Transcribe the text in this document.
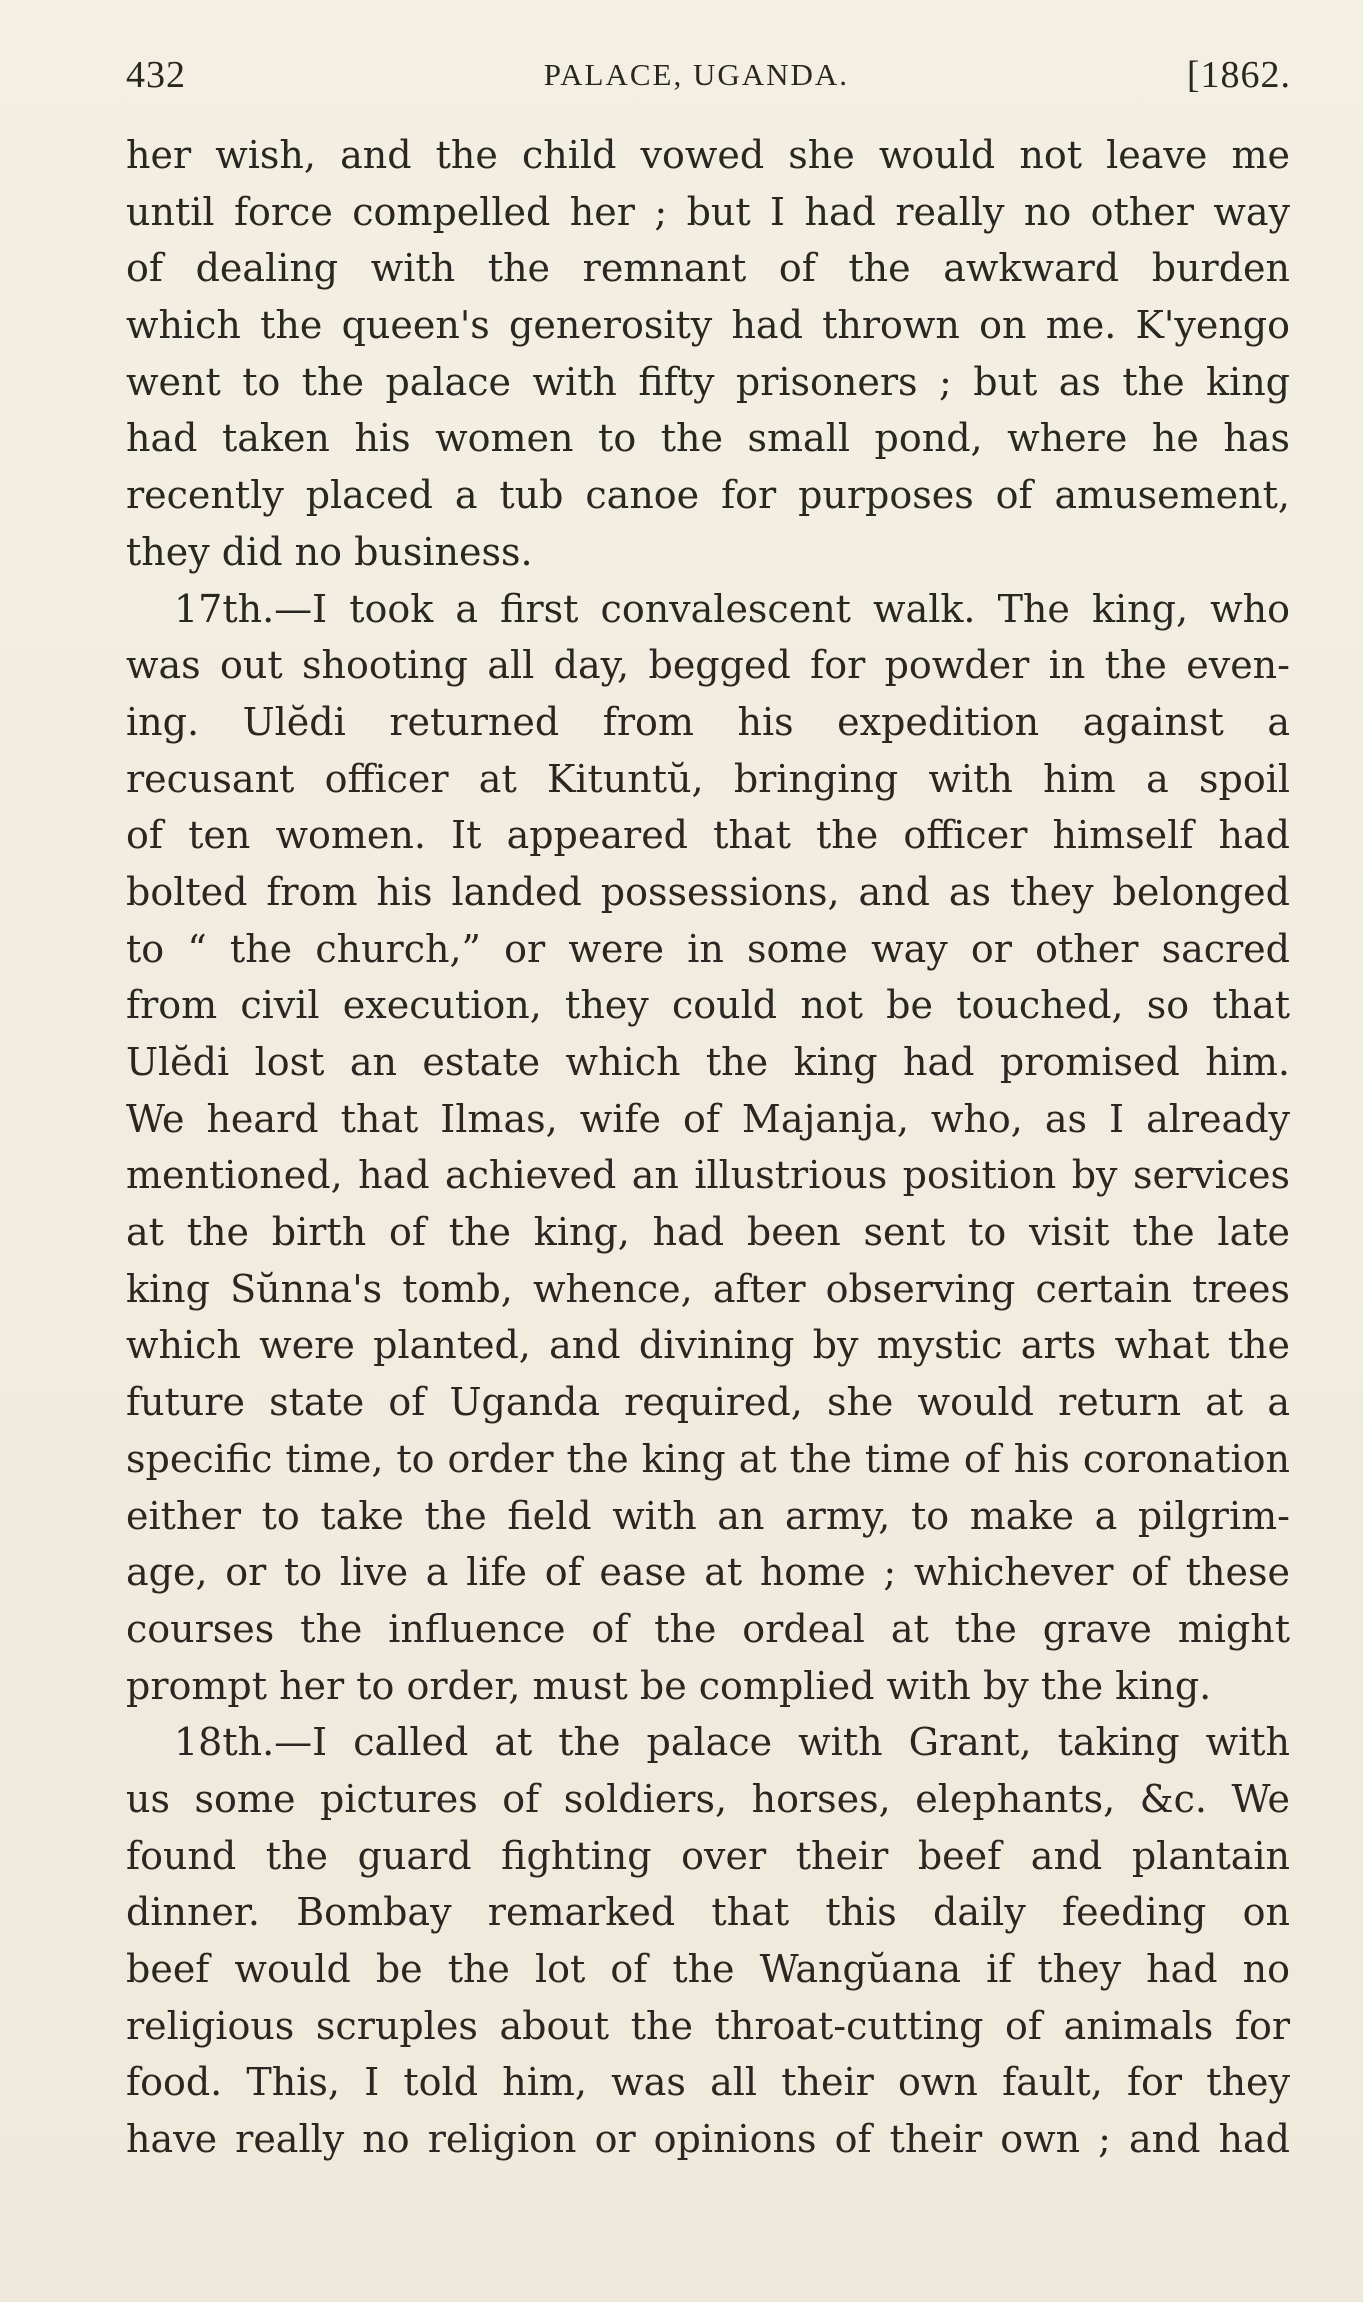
432	PALACE, UGANDA.	[1862.
her wish, and the child vowed she would not leave me
until force compelled her ; but I had really no other way
of dealing with the remnant of the awkward burden
which the queen's generosity had thrown on me. K'yengo
went to the palace with fifty prisoners ; but as the king
had taken his women to the small pond, where he has
recently placed a tub canoe for purposes of amusement,
they did no business.
17th.—I took a first convalescent walk. The king, who
was out shooting all day, begged for powder in the even-
ing. Ulĕdi returned from his expedition against a
recusant officer at Kituntŭ, bringing with him a spoil
of ten women. It appeared that the officer himself had
bolted from his landed possessions, and as they belonged
to “ the church,” or were in some way or other sacred
from civil execution, they could not be touched, so that
Ulĕdi lost an estate which the king had promised him.
We heard that Ilmas, wife of Majanja, who, as I already
mentioned, had achieved an illustrious position by services
at the birth of the king, had been sent to visit the late
king Sŭnna's tomb, whence, after observing certain trees
which were planted, and divining by mystic arts what the
future state of Uganda required, she would return at a
specific time, to order the king at the time of his coronation
either to take the field with an army, to make a pilgrim-
age, or to live a life of ease at home ; whichever of these
courses the influence of the ordeal at the grave might
prompt her to order, must be complied with by the king.
18th.—I called at the palace with Grant, taking with
us some pictures of soldiers, horses, elephants, &c. We
found the guard fighting over their beef and plantain
dinner. Bombay remarked that this daily feeding on
beef would be the lot of the Wangŭana if they had no
religious scruples about the throat-cutting of animals for
food. This, I told him, was all their own fault, for they
have really no religion or opinions of their own ; and had
